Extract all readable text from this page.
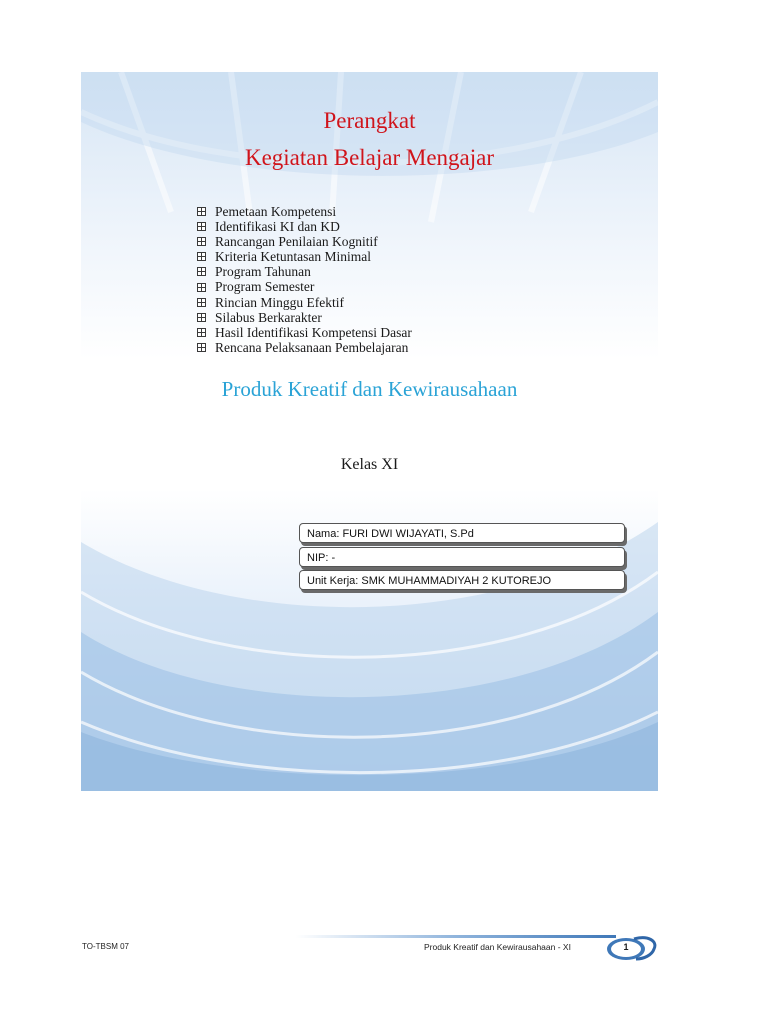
Perangkat
Kegiatan Belajar Mengajar
Pemetaan Kompetensi
Identifikasi KI dan KD
Rancangan Penilaian Kognitif
Kriteria Ketuntasan Minimal
Program Tahunan
Program Semester
Rincian Minggu Efektif
Silabus Berkarakter
Hasil Identifikasi Kompetensi Dasar
Rencana Pelaksanaan Pembelajaran
Produk Kreatif dan Kewirausahaan
Kelas XI
Nama: FURI DWI WIJAYATI, S.Pd
NIP: -
Unit Kerja: SMK MUHAMMADIYAH 2 KUTOREJO
TO-TBSM 07	Produk Kreatif dan Kewirausahaan - XI	1
